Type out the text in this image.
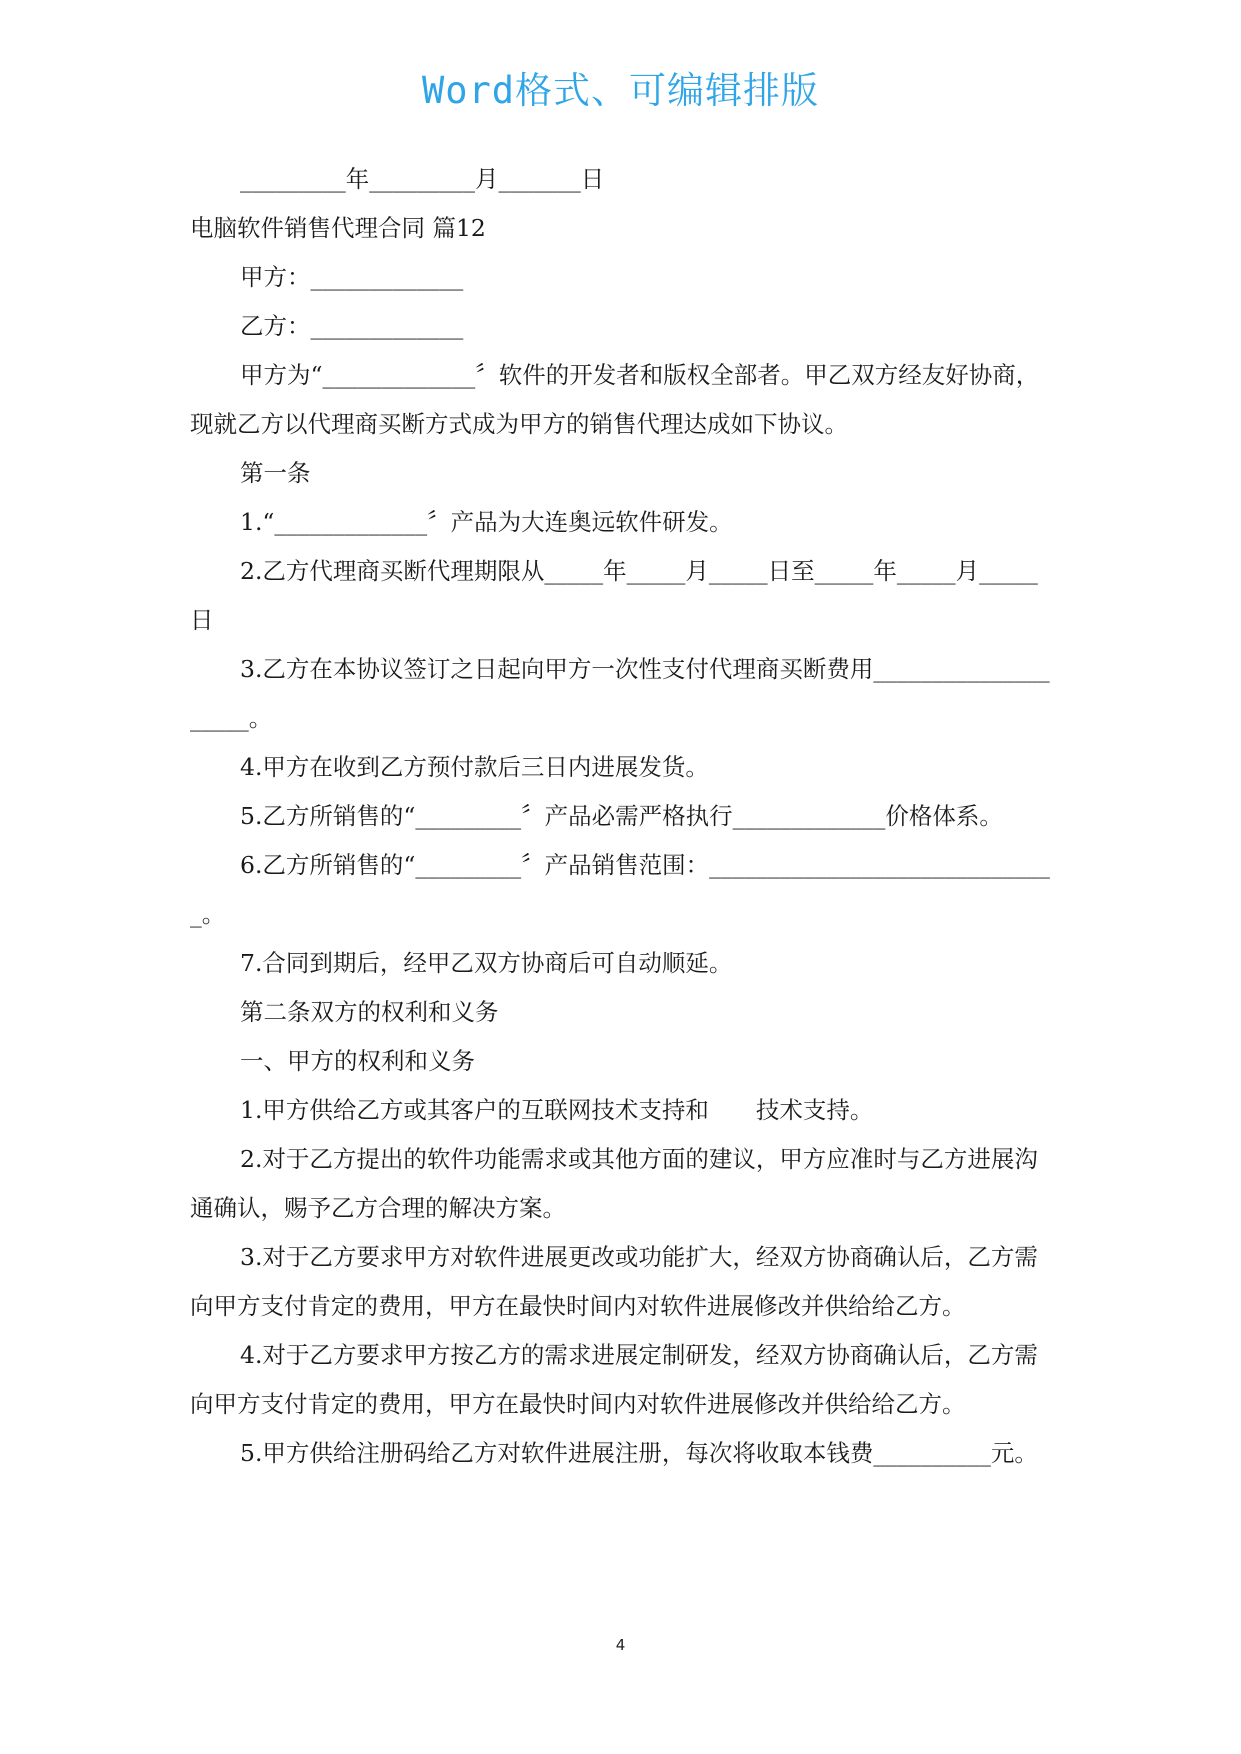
Word格式、可编辑排版

_________年_________月_______日

电脑软件销售代理合同 篇12

甲方：_____________

乙方：_____________

甲方为“_____________〞软件的开发者和版权全部者。甲乙双方经友好协商，现就乙方以代理商买断方式成为甲方的销售代理达成如下协议。

第一条

1.“_____________〞产品为大连奥远软件研发。

2.乙方代理商买断代理期限从_____年_____月_____日至_____年_____月_____日

3.乙方在本协议签订之日起向甲方一次性支付代理商买断费用____________________。

4.甲方在收到乙方预付款后三日内进展发货。

5.乙方所销售的“_________〞产品必需严格执行_____________价格体系。

6.乙方所销售的“_________〞产品销售范围：______________________________。

7.合同到期后，经甲乙双方协商后可自动顺延。

第二条双方的权利和义务

一、甲方的权利和义务

1.甲方供给乙方或其客户的互联网技术支持和　　技术支持。

2.对于乙方提出的软件功能需求或其他方面的建议，甲方应准时与乙方进展沟通确认，赐予乙方合理的解决方案。

3.对于乙方要求甲方对软件进展更改或功能扩大，经双方协商确认后，乙方需向甲方支付肯定的费用，甲方在最快时间内对软件进展修改并供给给乙方。

4.对于乙方要求甲方按乙方的需求进展定制研发，经双方协商确认后，乙方需向甲方支付肯定的费用，甲方在最快时间内对软件进展修改并供给给乙方。

5.甲方供给注册码给乙方对软件进展注册，每次将收取本钱费__________元。

4
